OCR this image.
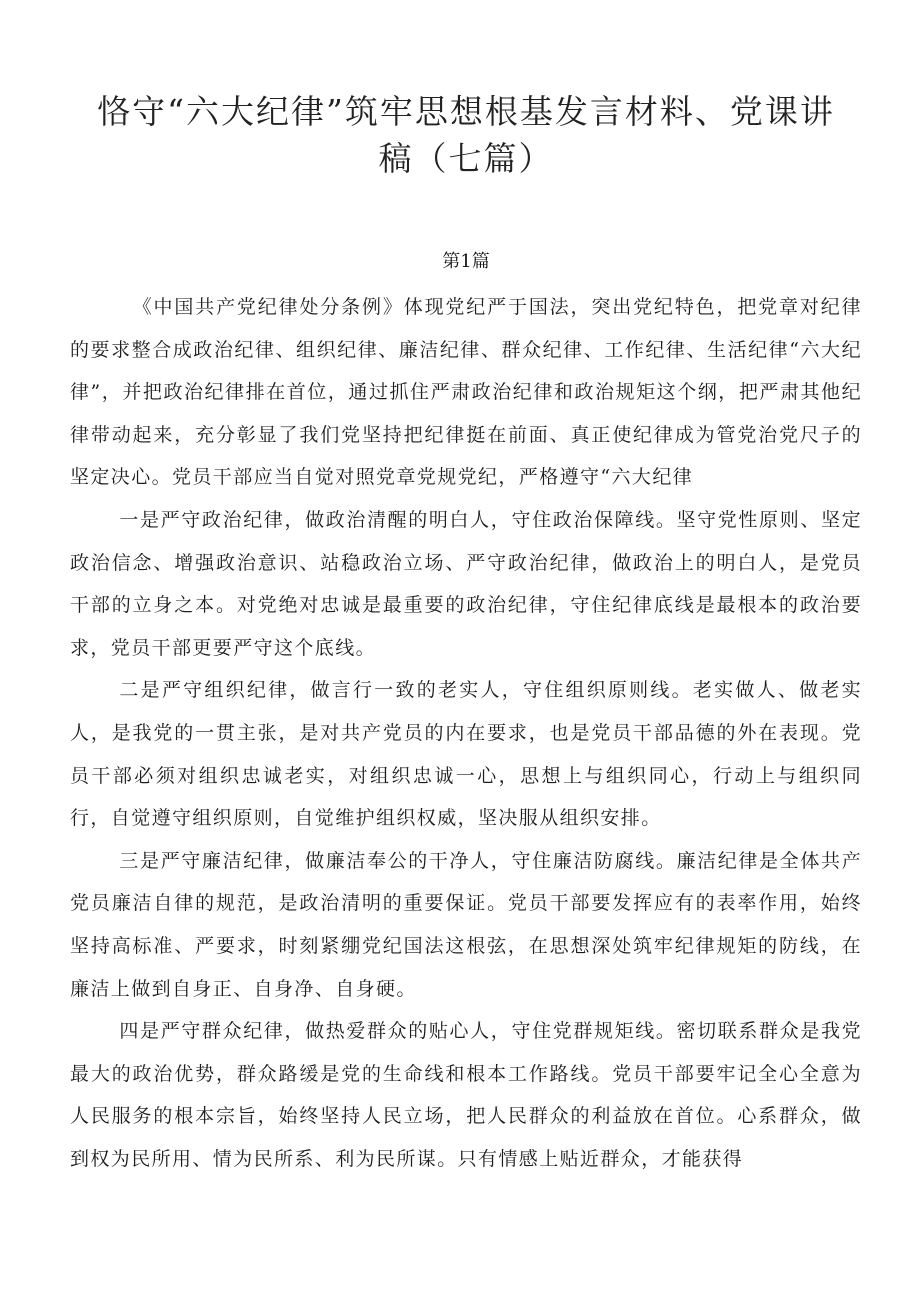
恪守“六大纪律”筑牢思想根基发言材料、党课讲稿（七篇）
第1篇

《中国共产党纪律处分条例》体现党纪严于国法，突出党纪特色，把党章对纪律的要求整合成政治纪律、组织纪律、廉洁纪律、群众纪律、工作纪律、生活纪律“六大纪律”，并把政治纪律排在首位，通过抓住严肃政治纪律和政治规矩这个纲，把严肃其他纪律带动起来，充分彰显了我们党坚持把纪律挺在前面、真正使纪律成为管党治党尺子的坚定决心。党员干部应当自觉对照党章党规党纪，严格遵守“六大纪律

一是严守政治纪律，做政治清醒的明白人，守住政治保障线。坚守党性原则、坚定政治信念、增强政治意识、站稳政治立场、严守政治纪律，做政治上的明白人，是党员干部的立身之本。对党绝对忠诚是最重要的政治纪律，守住纪律底线是最根本的政治要求，党员干部更要严守这个底线。

二是严守组织纪律，做言行一致的老实人，守住组织原则线。老实做人、做老实人，是我党的一贯主张，是对共产党员的内在要求，也是党员干部品德的外在表现。党员干部必须对组织忠诚老实，对组织忠诚一心，思想上与组织同心，行动上与组织同行，自觉遵守组织原则，自觉维护组织权威，坚决服从组织安排。

三是严守廉洁纪律，做廉洁奉公的干净人，守住廉洁防腐线。廉洁纪律是全体共产党员廉洁自律的规范，是政治清明的重要保证。党员干部要发挥应有的表率作用，始终坚持高标准、严要求，时刻紧绷党纪国法这根弦，在思想深处筑牢纪律规矩的防线，在廉洁上做到自身正、自身净、自身硬。

四是严守群众纪律，做热爱群众的贴心人，守住党群规矩线。密切联系群众是我党最大的政治优势，群众路缓是党的生命线和根本工作路线。党员干部要牢记全心全意为人民服务的根本宗旨，始终坚持人民立场，把人民群众的利益放在首位。心系群众，做到权为民所用、情为民所系、利为民所谋。只有情感上贴近群众，才能获得
